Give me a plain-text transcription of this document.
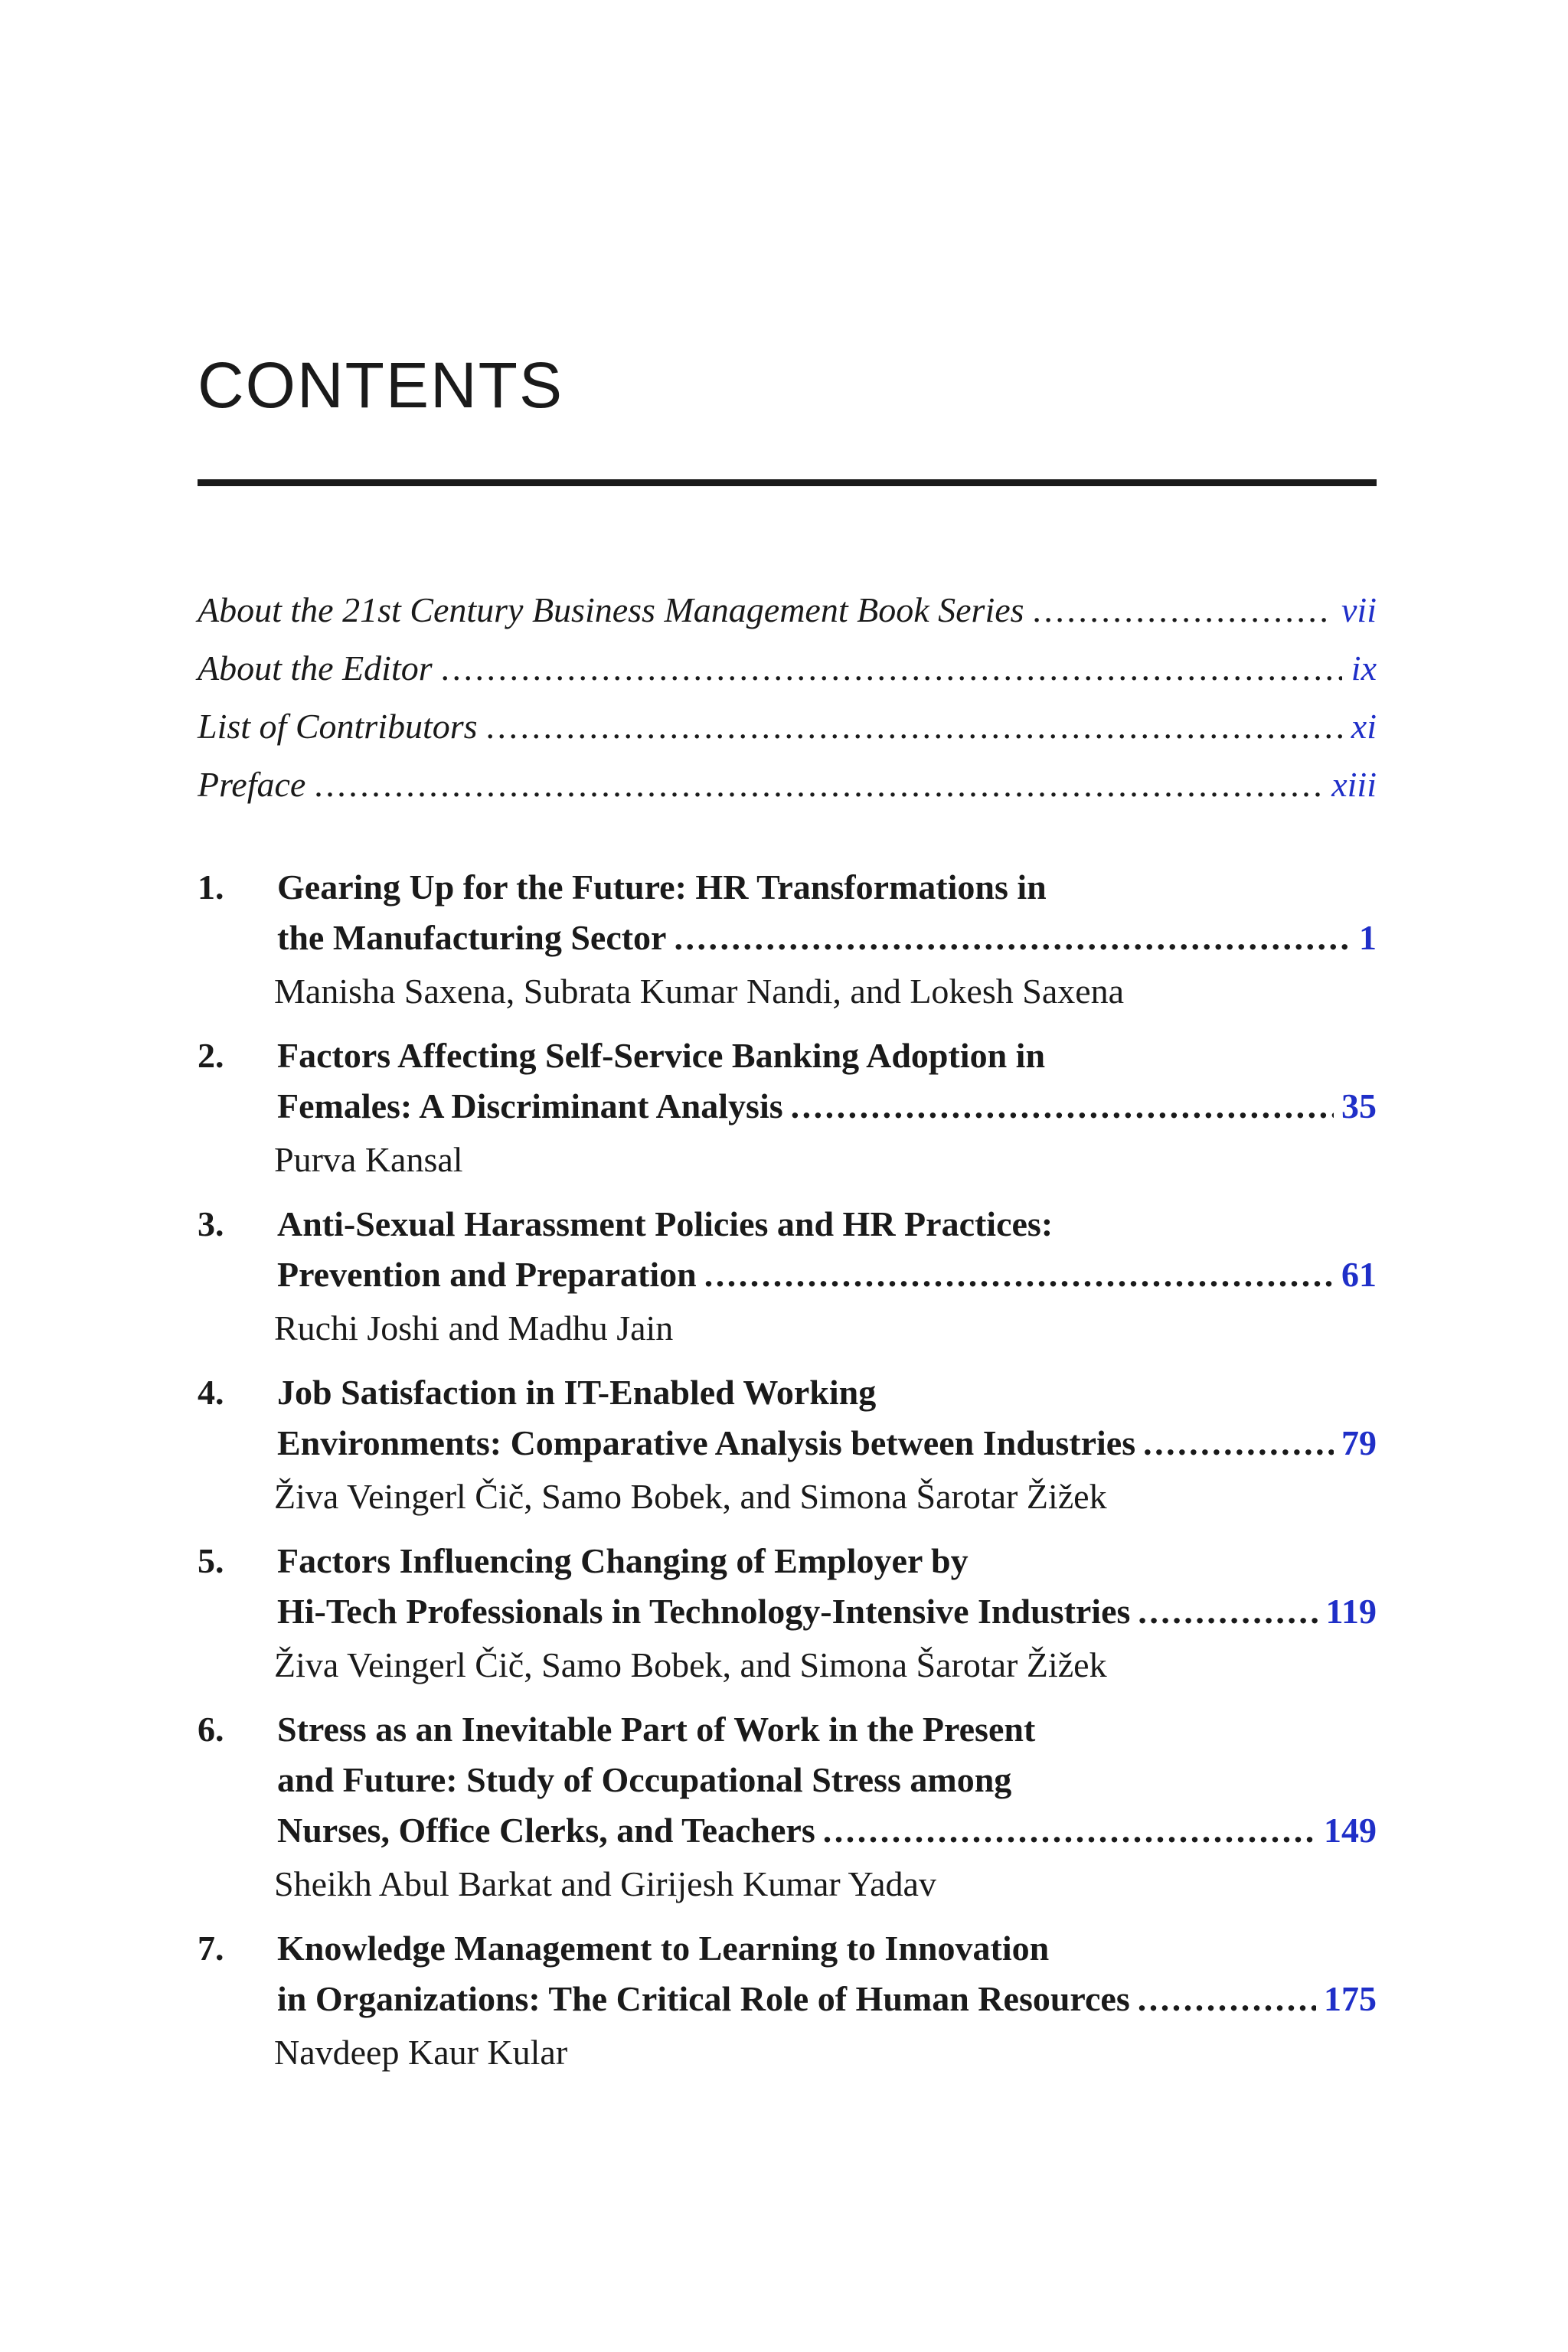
CONTENTS
About the 21st Century Business Management Book Series . . .	vii
About the Editor . . .	ix
List of Contributors . . .	xi
Preface . . .	xiii
1. Gearing Up for the Future: HR Transformations in
the Manufacturing Sector . . .	1
Manisha Saxena, Subrata Kumar Nandi, and Lokesh Saxena
2. Factors Affecting Self-Service Banking Adoption in
Females: A Discriminant Analysis . . .	35
Purva Kansal
3. Anti-Sexual Harassment Policies and HR Practices:
Prevention and Preparation . . .	61
Ruchi Joshi and Madhu Jain
4. Job Satisfaction in IT-Enabled Working
Environments: Comparative Analysis between Industries . . .	79
Živa Veingerl Čič, Samo Bobek, and Simona Šarotar Žižek
5. Factors Influencing Changing of Employer by
Hi-Tech Professionals in Technology-Intensive Industries . . .	119
Živa Veingerl Čič, Samo Bobek, and Simona Šarotar Žižek
6. Stress as an Inevitable Part of Work in the Present
and Future: Study of Occupational Stress among
Nurses, Office Clerks, and Teachers . . .	149
Sheikh Abul Barkat and Girijesh Kumar Yadav
7. Knowledge Management to Learning to Innovation
in Organizations: The Critical Role of Human Resources . . .	175
Navdeep Kaur Kular
